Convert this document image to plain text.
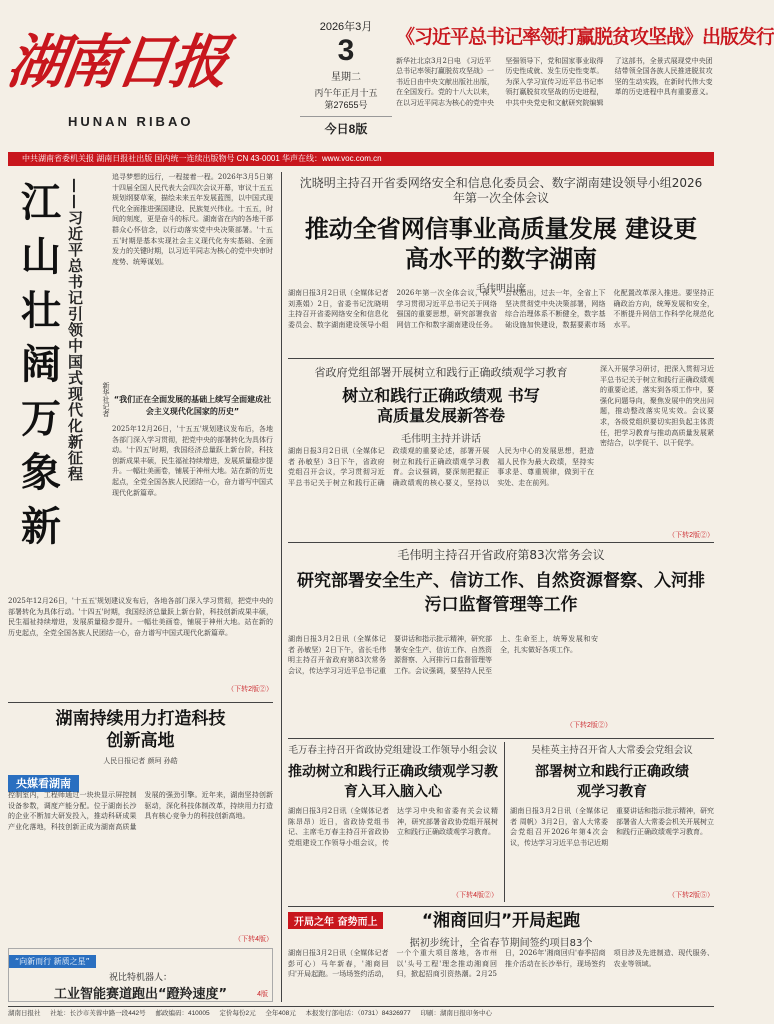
湖南日报
HUNAN RIBAO
2026年3月
3
星期二
丙午年正月十五
第27655号
今日8版
《习近平总书记率领打赢脱贫攻坚战》出版发行
新华社北京3月2日电 《习近平总书记率领打赢脱贫攻坚战》一书近日由中央文献出版社出版，在全国发行。党的十八大以来，在以习近平同志为核心的党中央坚强领导下，党和国家事业取得历史性成就、发生历史性变革。为深入学习宣传习近平总书记率领打赢脱贫攻坚战的历史进程，中共中央党史和文献研究院编辑了这部书，全景式展现党中央团结带领全国各族人民推进脱贫攻坚的生动实践，在新时代伟大变革的历史进程中具有重要意义。
中共湖南省委机关报 湖南日报社出版 国内统一连续出版物号 CN 43-0001 华声在线：www.voc.com.cn
江山壮阔万象新
——习近平总书记引领中国式现代化新征程	新华社记者
追寻梦想的远行，一程接着一程。2026年3月5日第十四届全国人民代表大会四次会议开幕，审议十五五规划纲要草案，描绘未来五年发展蓝图，以中国式现代化全面推进强国建设、民族复兴伟业。十五五，时间的刻度，更是奋斗的标尺。湖南省在内的各地干部群众心怀信念，以行动落实党中央决策部署。'十五五'时期是基本实现社会主义现代化夯实基础、全面发力的关键时期，以习近平同志为核心的党中央审时度势、统筹谋划。
“我们正在全面发展的基础上续写全面建成社会主义现代化国家的历史”
2025年12月26日，'十五五'规划建议发布后，各地各部门深入学习贯彻，把党中央的部署转化为具体行动。'十四五'时期，我国经济总量跃上新台阶，科技创新成果丰硕，民生福祉持续增进，发展质量稳步提升。一幅壮美画卷，铺展于神州大地。站在新的历史起点，全党全国各族人民团结一心，奋力谱写中国式现代化新篇章。
2025年12月26日，'十五五'规划建议发布后，各地各部门深入学习贯彻，把党中央的部署转化为具体行动。'十四五'时期，我国经济总量跃上新台阶，科技创新成果丰硕，民生福祉持续增进，发展质量稳步提升。一幅壮美画卷，铺展于神州大地。站在新的历史起点，全党全国各族人民团结一心，奋力谱写中国式现代化新篇章。
（下转2版②）
湖南持续用力打造科技创新高地
人民日报记者 颜珂 孙皓
央媒看湖南
控制室内，工程师通过一块块显示屏控制设备参数，调度产能分配。位于湖南长沙的企业不断加大研发投入，推动科研成果产业化落地，科技创新正成为湖南高质量发展的强劲引擎。近年来，湖南坚持创新驱动，深化科技体制改革，持续用力打造具有核心竞争力的科技创新高地。
（下转4版）
“向新而行 新质之星”
祝比特机器人：
工业智能赛道跑出“蹬羚速度”	4版
沈晓明主持召开省委网络安全和信息化委员会、数字湖南建设领导小组2026年第一次全体会议
推动全省网信事业高质量发展 建设更高水平的数字湖南
毛伟明出席
湖南日报3月2日讯（全媒体记者 刘燕娟）2日，省委书记沈晓明主持召开省委网络安全和信息化委员会、数字湖南建设领导小组2026年第一次全体会议，深入学习贯彻习近平总书记关于网络强国的重要思想，研究部署我省网信工作和数字湖南建设任务。会议指出，过去一年，全省上下坚决贯彻党中央决策部署，网络综合治理体系不断健全，数字基础设施加快建设，数据要素市场化配置改革深入推进。要坚持正确政治方向，统筹发展和安全，不断提升网信工作科学化规范化水平。
省政府党组部署开展树立和践行正确政绩观学习教育
树立和践行正确政绩观 书写高质量发展新答卷
毛伟明主持并讲话
湖南日报3月2日讯（全媒体记者 孙敏坚）3日下午，省政府党组召开会议，学习贯彻习近平总书记关于树立和践行正确政绩观的重要论述，部署开展树立和践行正确政绩观学习教育。会议强调，要深刻把握正确政绩观的核心要义，坚持以人民为中心的发展思想，把造福人民作为最大政绩，坚持实事求是、尊重规律，做到干在实处、走在前列。
深入开展学习研讨，把深入贯彻习近平总书记关于树立和践行正确政绩观的重要论述，落实到各项工作中，要强化问题导向，聚焦发展中的突出问题，推动整改落实见实效。会议要求，各级党组织要切实担负起主体责任，把学习教育与推动高质量发展紧密结合，以学促干、以干促学。
（下转2版②）
毛伟明主持召开省政府第83次常务会议
研究部署安全生产、信访工作、自然资源督察、入河排污口监督管理等工作
湖南日报3月2日讯（全媒体记者 孙敏坚）2日下午，省长毛伟明主持召开省政府第83次常务会议，传达学习习近平总书记重要讲话和指示批示精神，研究部署安全生产、信访工作、自然资源督察、入河排污口监督管理等工作。会议强调，要坚持人民至上、生命至上，统筹发展和安全，扎实做好各项工作。
（下转2版②）
毛万春主持召开省政协党组建设工作领导小组会议
推动树立和践行正确政绩观学习教育入耳入脑入心
湖南日报3月2日讯（全媒体记者 陈昂昂）近日，省政协党组书记、主席毛万春主持召开省政协党组建设工作领导小组会议，传达学习中央和省委有关会议精神，研究部署省政协党组开展树立和践行正确政绩观学习教育。
（下转4版②）
吴桂英主持召开省人大常委会党组会议
部署树立和践行正确政绩观学习教育
湖南日报3月2日讯（全媒体记者 周帆）3月2日，省人大常委会党组召开2026年第4次会议，传达学习习近平总书记近期重要讲话和指示批示精神，研究部署省人大常委会机关开展树立和践行正确政绩观学习教育。
（下转2版⑤）
开局之年 奋势而上	“湘商回归”开局起跑
据初步统计，全省春节期间签约项目83个
湖南日报3月2日讯（全媒体记者 彭可心）马年新春，'湘商回归'开局起跑。一场场签约活动，一个个重大项目落地，各市州以'头号工程'理念推动湘商回归，掀起招商引资热潮。2月25日，2026年'湘商回归'春季招商推介活动在长沙举行，现场签约项目涉及先进制造、现代服务、农业等领域。
湖南日报社 社址：长沙市芙蓉中路一段442号 邮政编码：410005 定价每份2元 全年408元 本报发行部电话：（0731）84326977 印刷：湖南日报印务中心
